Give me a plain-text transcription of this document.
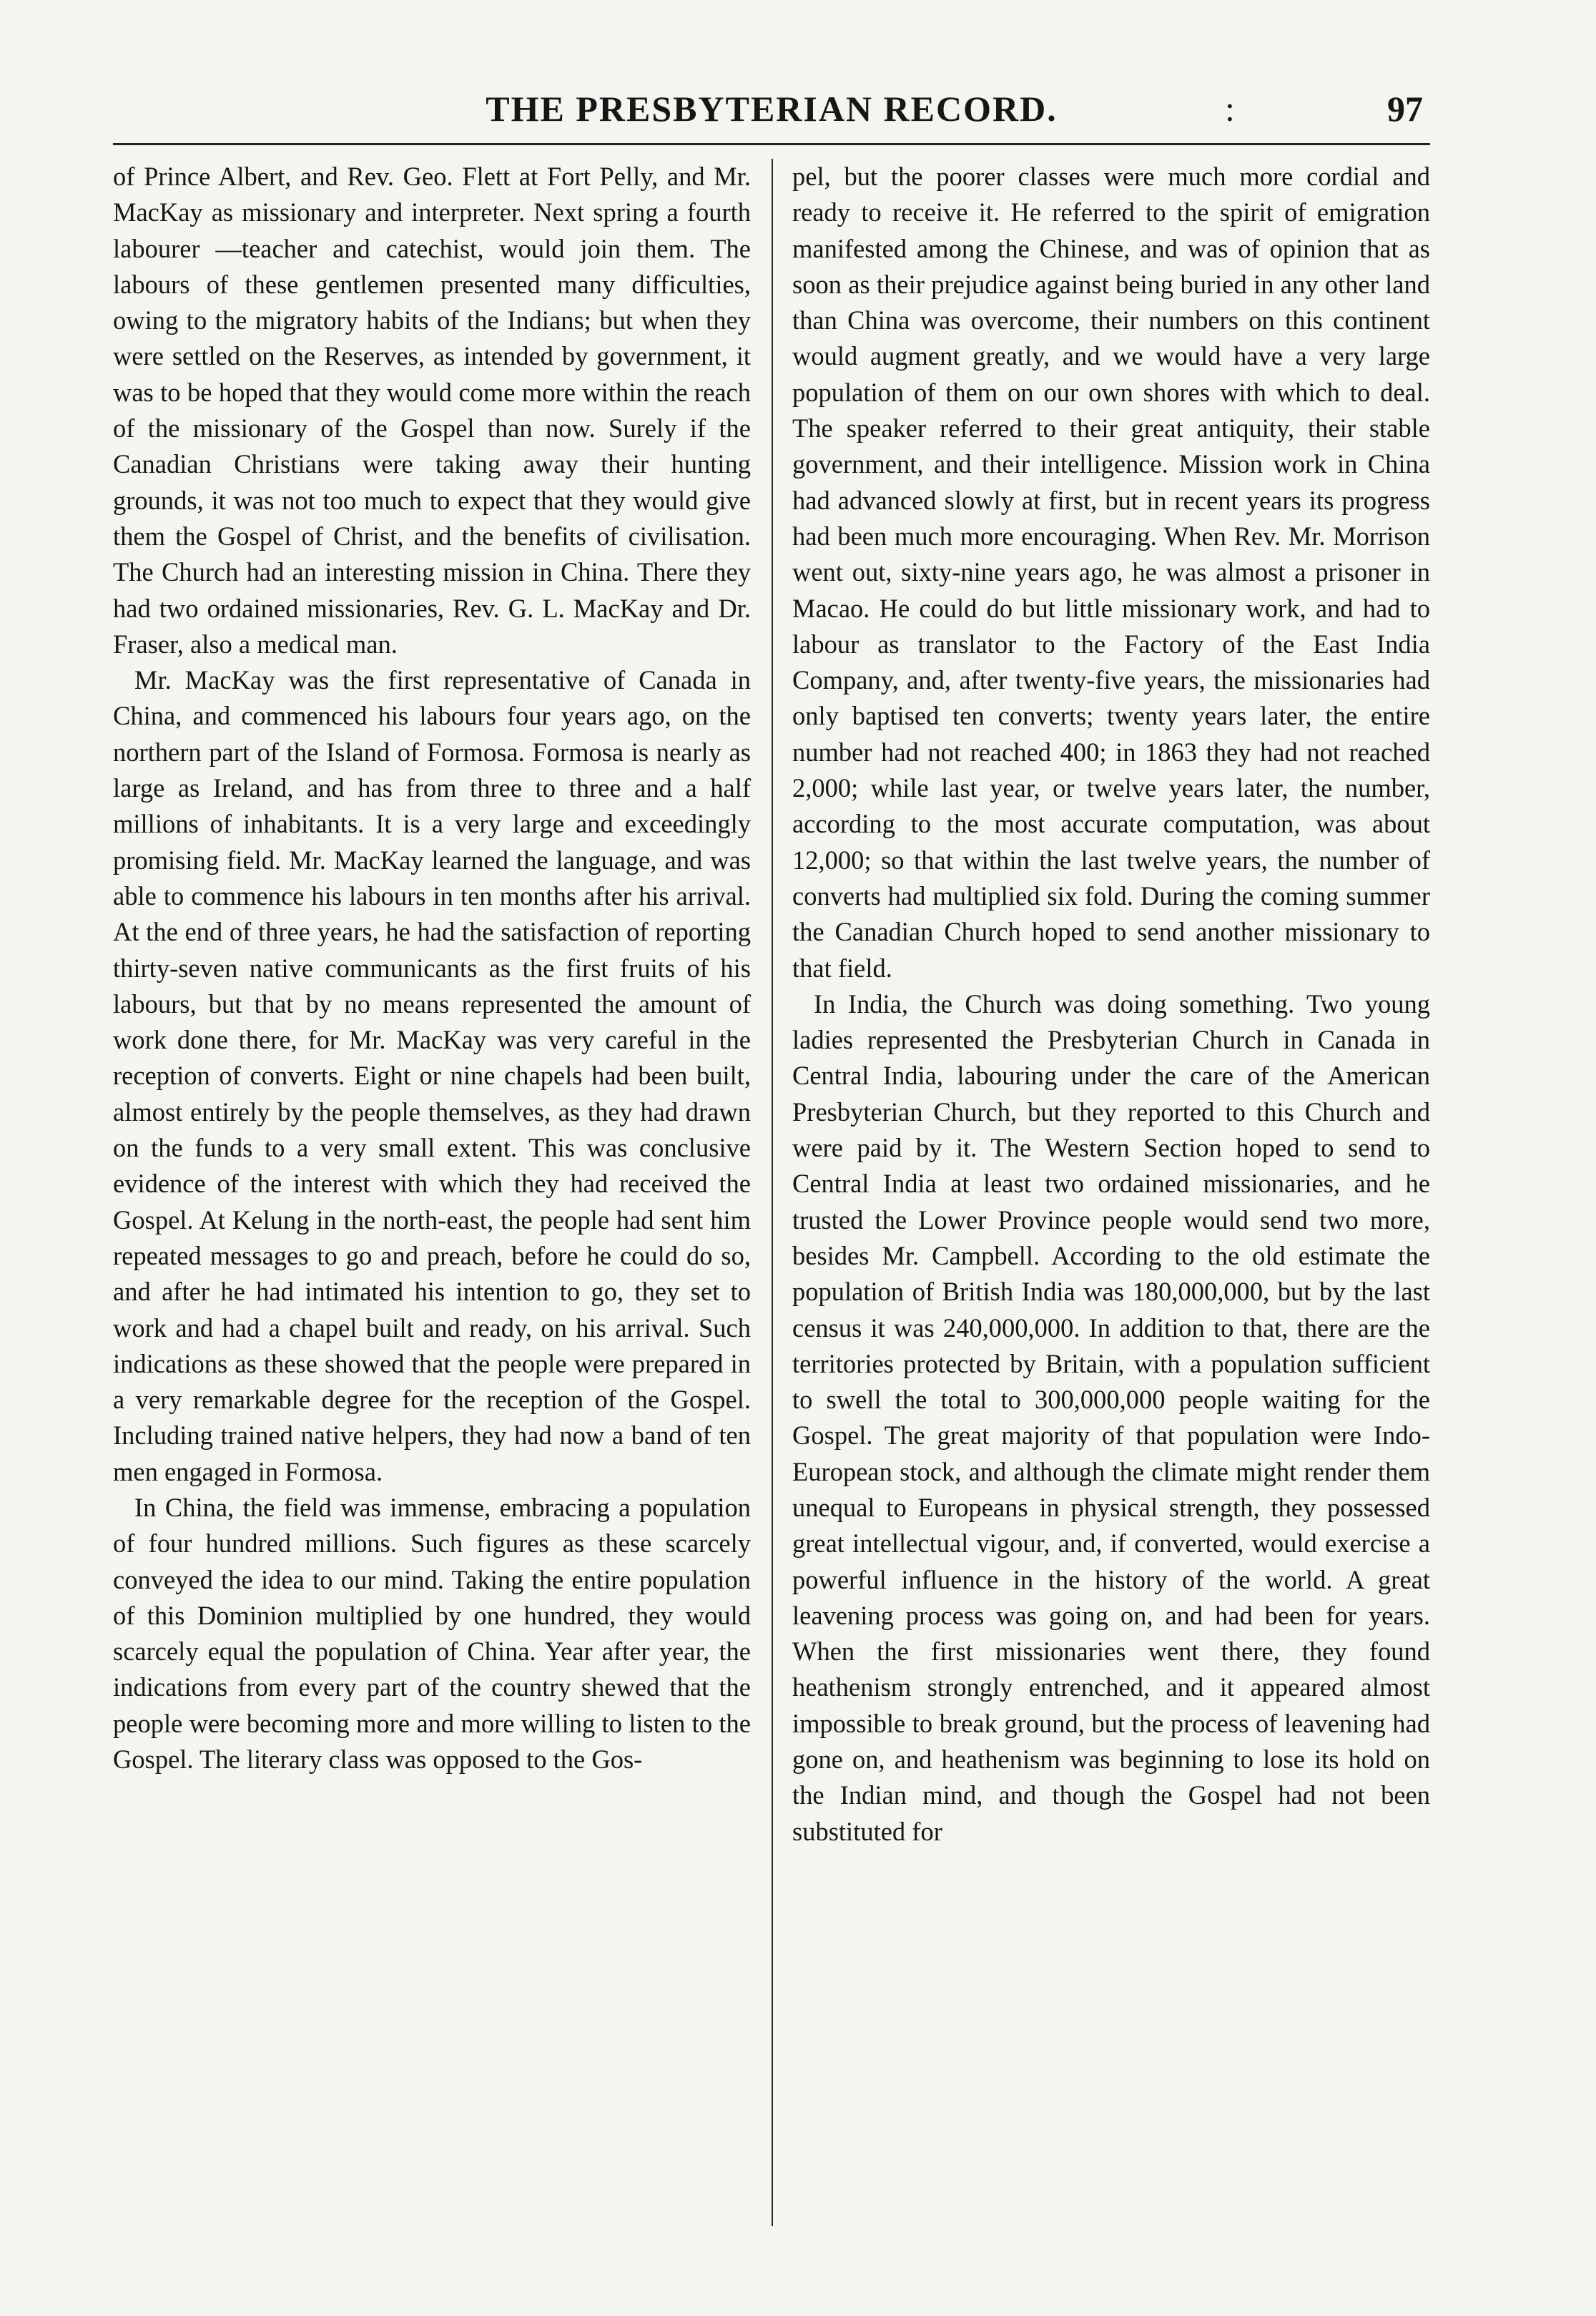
THE PRESBYTERIAN RECORD.	:	97

of Prince Albert, and Rev. Geo. Flett at Fort Pelly, and Mr. MacKay as missionary and interpreter. Next spring a fourth labourer —teacher and catechist, would join them. The labours of these gentlemen presented many difficulties, owing to the migratory habits of the Indians; but when they were settled on the Reserves, as intended by government, it was to be hoped that they would come more within the reach of the missionary of the Gospel than now. Surely if the Canadian Christians were taking away their hunting grounds, it was not too much to expect that they would give them the Gospel of Christ, and the benefits of civilisation. The Church had an interesting mission in China. There they had two ordained missionaries, Rev. G. L. MacKay and Dr. Fraser, also a medical man.

Mr. MacKay was the first representative of Canada in China, and commenced his labours four years ago, on the northern part of the Island of Formosa. Formosa is nearly as large as Ireland, and has from three to three and a half millions of inhabitants. It is a very large and exceedingly promising field. Mr. MacKay learned the language, and was able to commence his labours in ten months after his arrival. At the end of three years, he had the satisfaction of reporting thirty-seven native communicants as the first fruits of his labours, but that by no means represented the amount of work done there, for Mr. MacKay was very careful in the reception of converts. Eight or nine chapels had been built, almost entirely by the people themselves, as they had drawn on the funds to a very small extent. This was conclusive evidence of the interest with which they had received the Gospel. At Kelung in the north-east, the people had sent him repeated messages to go and preach, before he could do so, and after he had intimated his intention to go, they set to work and had a chapel built and ready, on his arrival. Such indications as these showed that the people were prepared in a very remarkable degree for the reception of the Gospel. Including trained native helpers, they had now a band of ten men engaged in Formosa.

In China, the field was immense, embracing a population of four hundred millions. Such figures as these scarcely conveyed the idea to our mind. Taking the entire population of this Dominion multiplied by one hundred, they would scarcely equal the population of China. Year after year, the indications from every part of the country shewed that the people were becoming more and more willing to listen to the Gospel. The literary class was opposed to the Gos-

pel, but the poorer classes were much more cordial and ready to receive it. He referred to the spirit of emigration manifested among the Chinese, and was of opinion that as soon as their prejudice against being buried in any other land than China was overcome, their numbers on this continent would augment greatly, and we would have a very large population of them on our own shores with which to deal. The speaker referred to their great antiquity, their stable government, and their intelligence. Mission work in China had advanced slowly at first, but in recent years its progress had been much more encouraging. When Rev. Mr. Morrison went out, sixty-nine years ago, he was almost a prisoner in Macao. He could do but little missionary work, and had to labour as translator to the Factory of the East India Company, and, after twenty-five years, the missionaries had only baptised ten converts; twenty years later, the entire number had not reached 400; in 1863 they had not reached 2,000; while last year, or twelve years later, the number, according to the most accurate computation, was about 12,000; so that within the last twelve years, the number of converts had multiplied six fold. During the coming summer the Canadian Church hoped to send another missionary to that field.

In India, the Church was doing something. Two young ladies represented the Presbyterian Church in Canada in Central India, labouring under the care of the American Presbyterian Church, but they reported to this Church and were paid by it. The Western Section hoped to send to Central India at least two ordained missionaries, and he trusted the Lower Province people would send two more, besides Mr. Campbell. According to the old estimate the population of British India was 180,000,000, but by the last census it was 240,000,000. In addition to that, there are the territories protected by Britain, with a population sufficient to swell the total to 300,000,000 people waiting for the Gospel. The great majority of that population were Indo-European stock, and although the climate might render them unequal to Europeans in physical strength, they possessed great intellectual vigour, and, if converted, would exercise a powerful influence in the history of the world. A great leavening process was going on, and had been for years. When the first missionaries went there, they found heathenism strongly entrenched, and it appeared almost impossible to break ground, but the process of leavening had gone on, and heathenism was beginning to lose its hold on the Indian mind, and though the Gospel had not been substituted for
